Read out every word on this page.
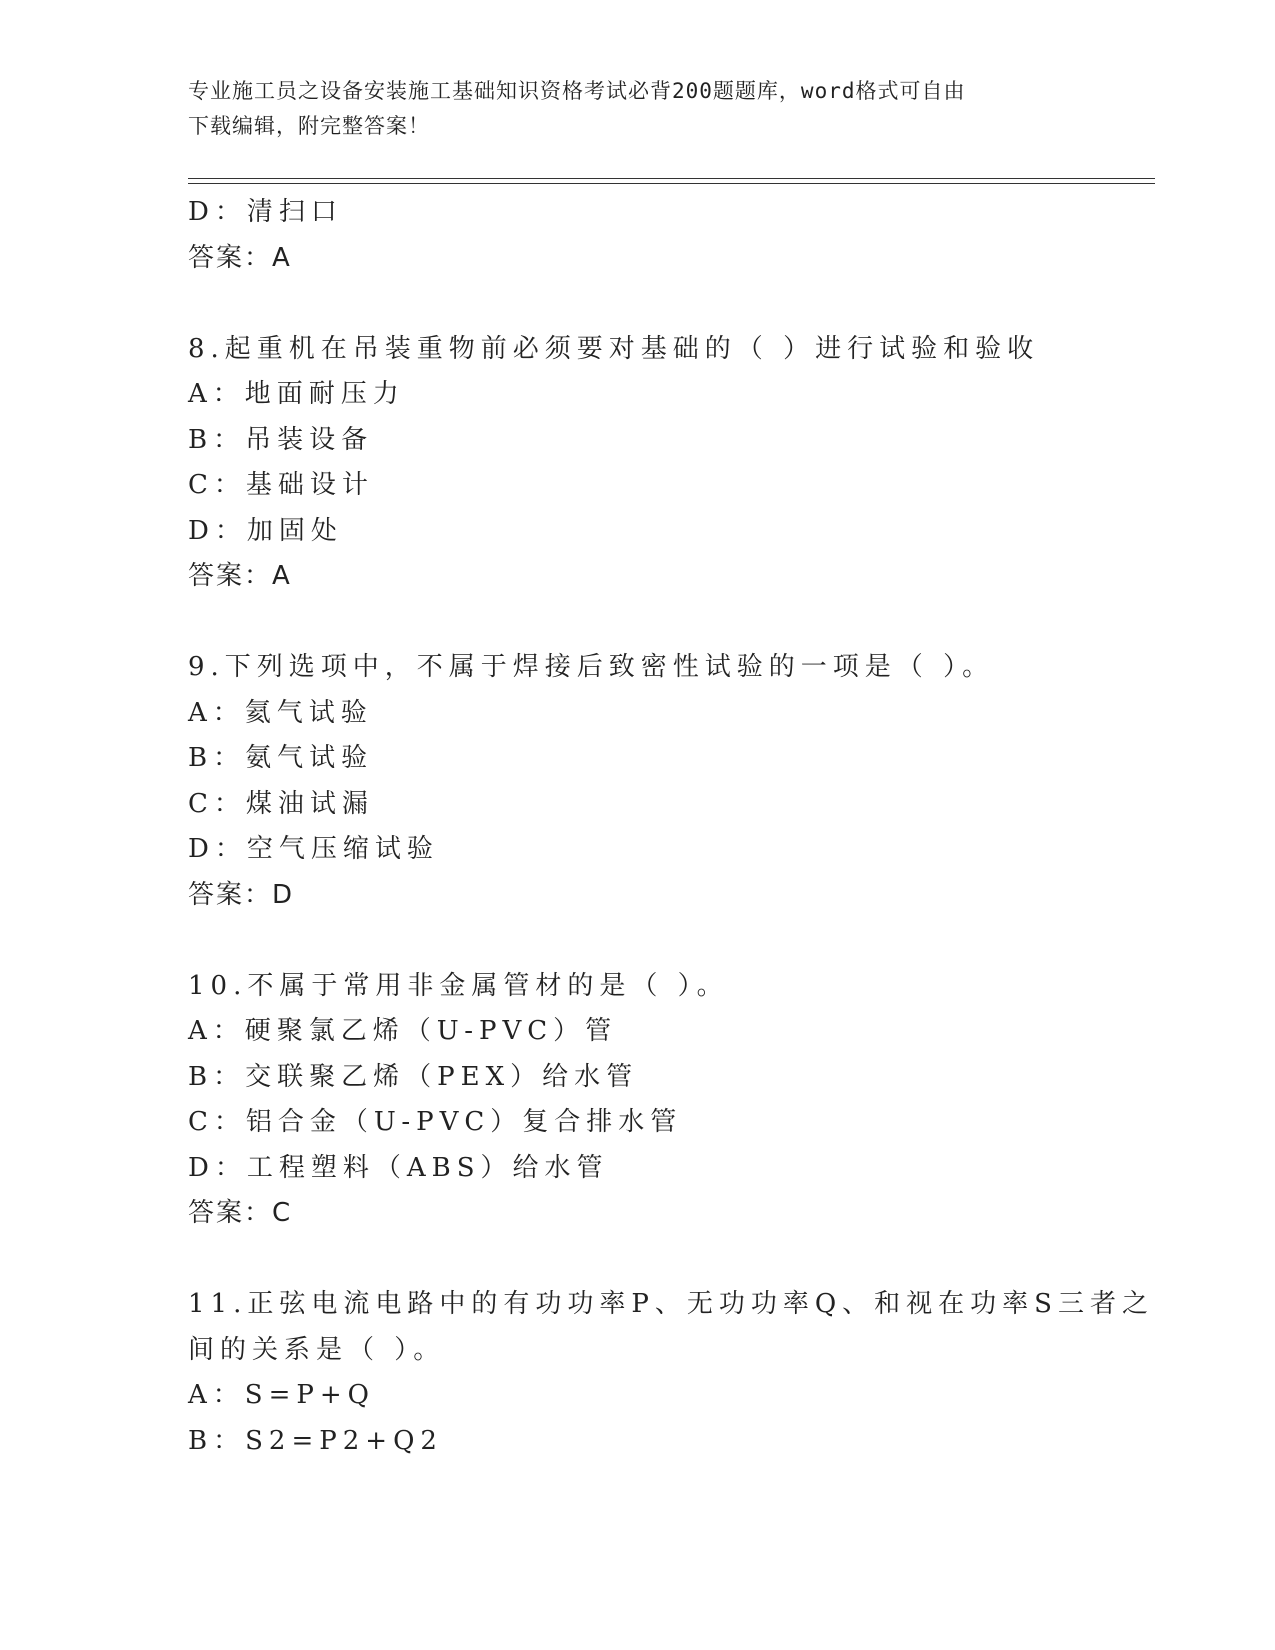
专业施工员之设备安装施工基础知识资格考试必背200题题库，word格式可自由
下载编辑，附完整答案！
D：清扫口
答案：A
8.起重机在吊装重物前必须要对基础的（ ）进行试验和验收
A：地面耐压力
B：吊装设备
C：基础设计
D：加固处
答案：A
9.下列选项中，不属于焊接后致密性试验的一项是（ ）。
A：氦气试验
B：氨气试验
C：煤油试漏
D：空气压缩试验
答案：D
10.不属于常用非金属管材的是（ ）。
A：硬聚氯乙烯（U-PVC）管
B：交联聚乙烯（PEX）给水管
C：铝合金（U-PVC）复合排水管
D：工程塑料（ABS）给水管
答案：C
11.正弦电流电路中的有功功率P、无功功率Q、和视在功率S三者之
间的关系是（ ）。
A：S=P+Q
B：S2=P2+Q2
